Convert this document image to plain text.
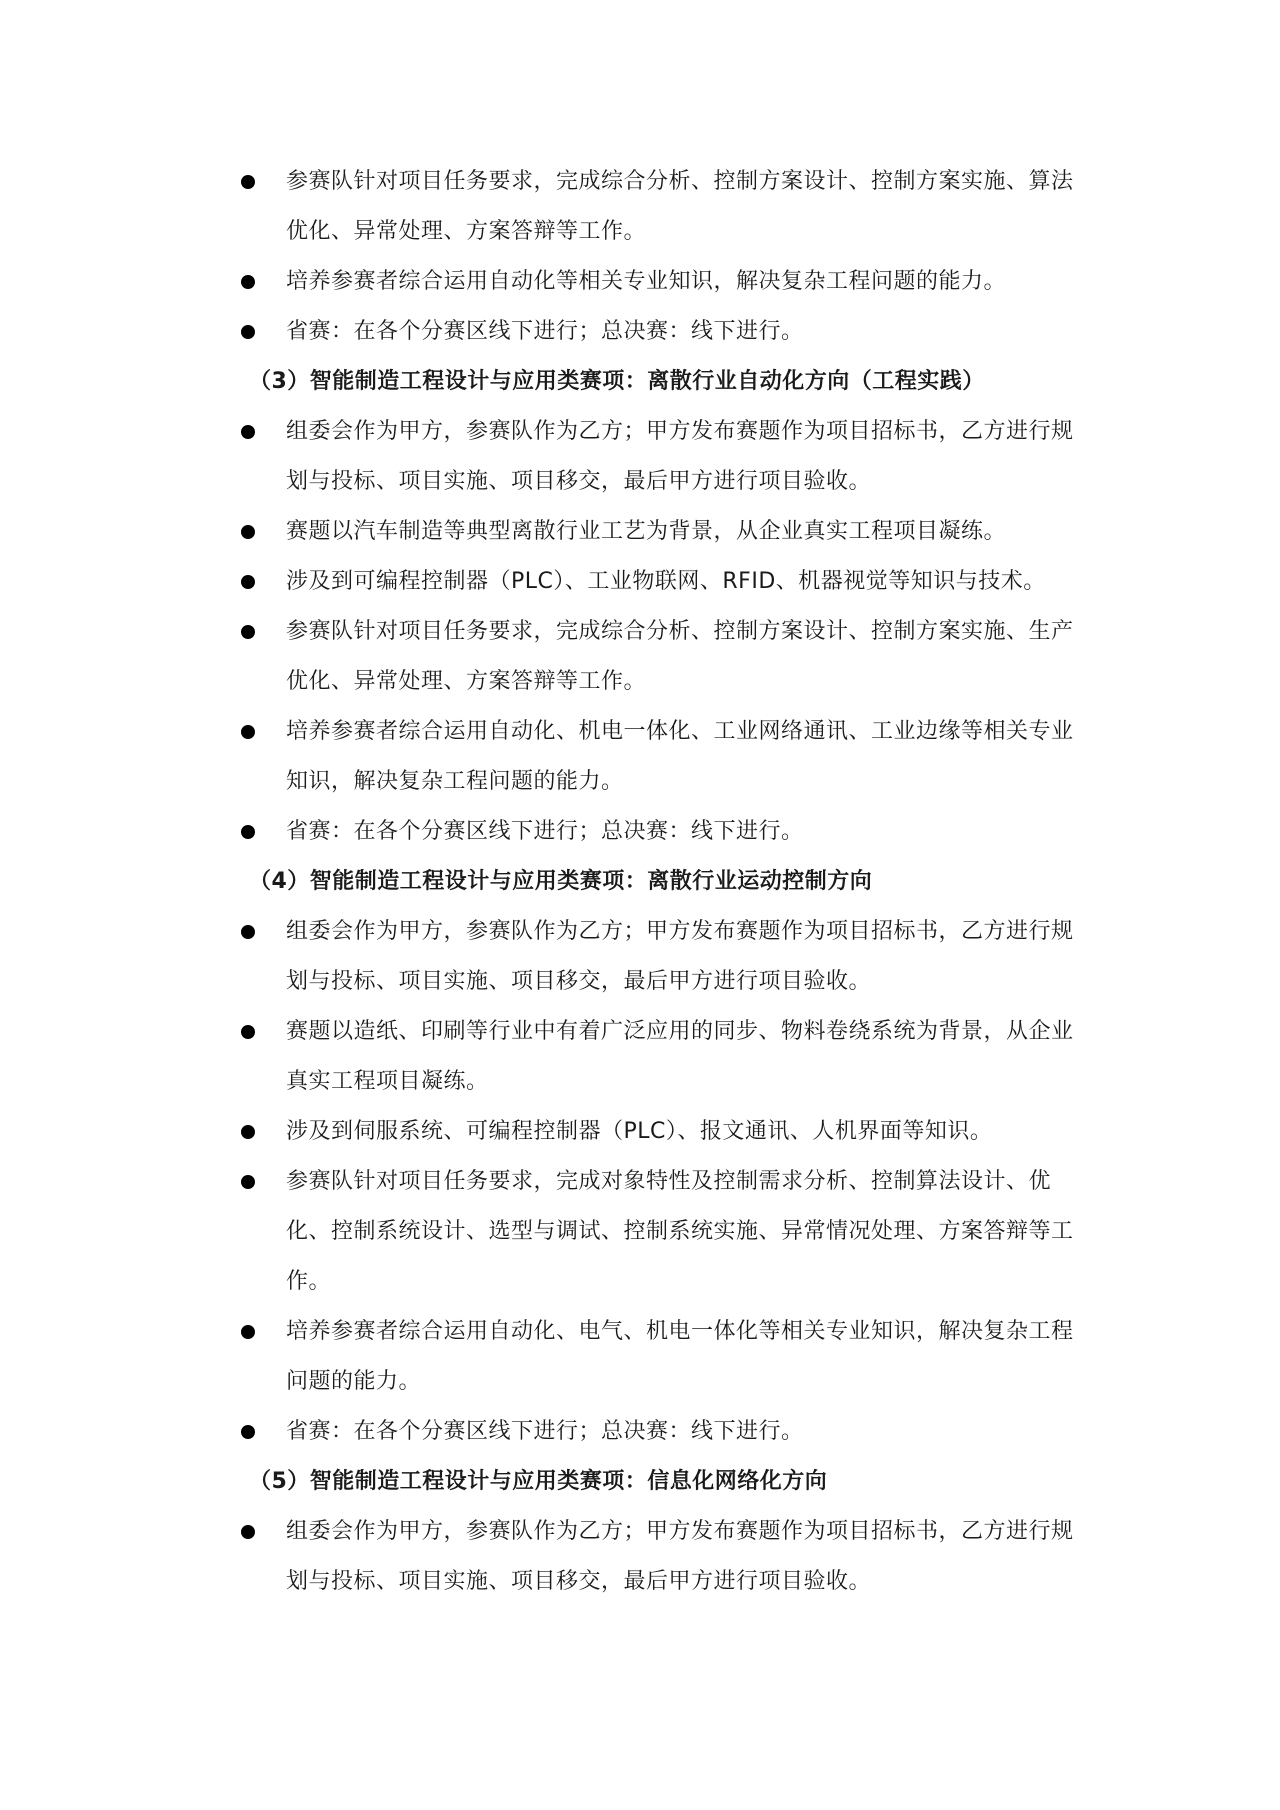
参赛队针对项目任务要求，完成综合分析、控制方案设计、控制方案实施、算法优化、异常处理、方案答辩等工作。

培养参赛者综合运用自动化等相关专业知识，解决复杂工程问题的能力。

省赛：在各个分赛区线下进行；总决赛：线下进行。

（3）智能制造工程设计与应用类赛项：离散行业自动化方向（工程实践）

组委会作为甲方，参赛队作为乙方；甲方发布赛题作为项目招标书，乙方进行规划与投标、项目实施、项目移交，最后甲方进行项目验收。

赛题以汽车制造等典型离散行业工艺为背景，从企业真实工程项目凝练。

涉及到可编程控制器（PLC）、工业物联网、RFID、机器视觉等知识与技术。

参赛队针对项目任务要求，完成综合分析、控制方案设计、控制方案实施、生产优化、异常处理、方案答辩等工作。

培养参赛者综合运用自动化、机电一体化、工业网络通讯、工业边缘等相关专业知识，解决复杂工程问题的能力。

省赛：在各个分赛区线下进行；总决赛：线下进行。

（4）智能制造工程设计与应用类赛项：离散行业运动控制方向

组委会作为甲方，参赛队作为乙方；甲方发布赛题作为项目招标书，乙方进行规划与投标、项目实施、项目移交，最后甲方进行项目验收。

赛题以造纸、印刷等行业中有着广泛应用的同步、物料卷绕系统为背景，从企业真实工程项目凝练。

涉及到伺服系统、可编程控制器（PLC）、报文通讯、人机界面等知识。

参赛队针对项目任务要求，完成对象特性及控制需求分析、控制算法设计、优化、控制系统设计、选型与调试、控制系统实施、异常情况处理、方案答辩等工作。

培养参赛者综合运用自动化、电气、机电一体化等相关专业知识，解决复杂工程问题的能力。

省赛：在各个分赛区线下进行；总决赛：线下进行。

（5）智能制造工程设计与应用类赛项：信息化网络化方向

组委会作为甲方，参赛队作为乙方；甲方发布赛题作为项目招标书，乙方进行规划与投标、项目实施、项目移交，最后甲方进行项目验收。
